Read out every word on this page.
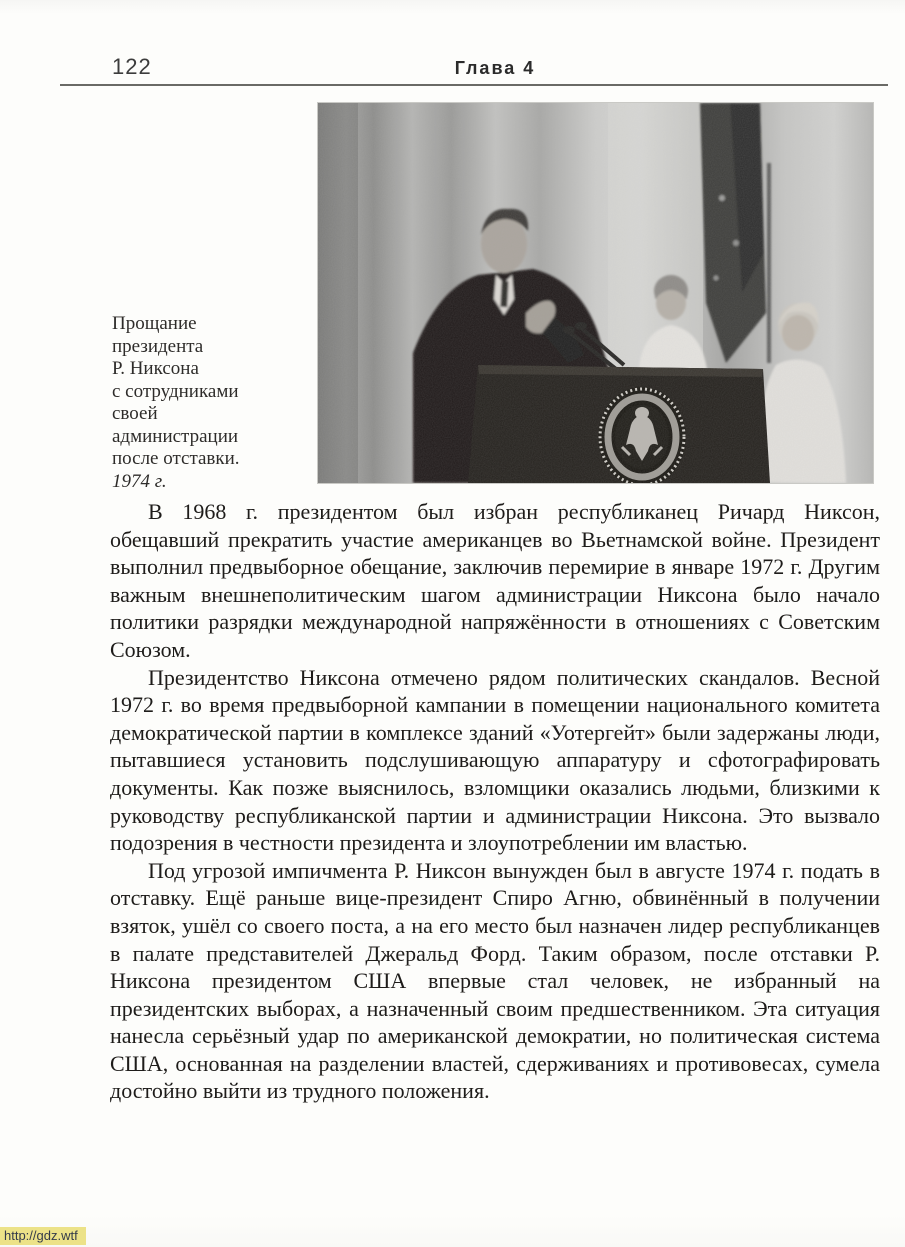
122	Глава 4
Прощание
президента
Р. Никсона
с сотрудниками
своей
администрации
после отставки.
1974 г.

В 1968 г. президентом был избран республиканец Ричард Никсон, обещавший прекратить участие американцев во Вьетнамской войне. Президент выполнил предвыборное обещание, заключив перемирие в январе 1972 г. Другим важным внешнеполитическим шагом администрации Никсона было начало политики разрядки международной напряжённости в отношениях с Советским Союзом.

Президентство Никсона отмечено рядом политических скандалов. Весной 1972 г. во время предвыборной кампании в помещении национального комитета демократической партии в комплексе зданий «Уотергейт» были задержаны люди, пытавшиеся установить подслушивающую аппаратуру и сфотографировать документы. Как позже выяснилось, взломщики оказались людьми, близкими к руководству республиканской партии и администрации Никсона. Это вызвало подозрения в честности президента и злоупотреблении им властью.

Под угрозой импичмента Р. Никсон вынужден был в августе 1974 г. подать в отставку. Ещё раньше вице-президент Спиро Агню, обвинённый в получении взяток, ушёл со своего поста, а на его место был назначен лидер республиканцев в палате представителей Джеральд Форд. Таким образом, после отставки Р. Никсона президентом США впервые стал человек, не избранный на президентских выборах, а назначенный своим предшественником. Эта ситуация нанесла серьёзный удар по американской демократии, но политическая система США, основанная на разделении властей, сдерживаниях и противовесах, сумела достойно выйти из трудного положения.

http://gdz.wtf
